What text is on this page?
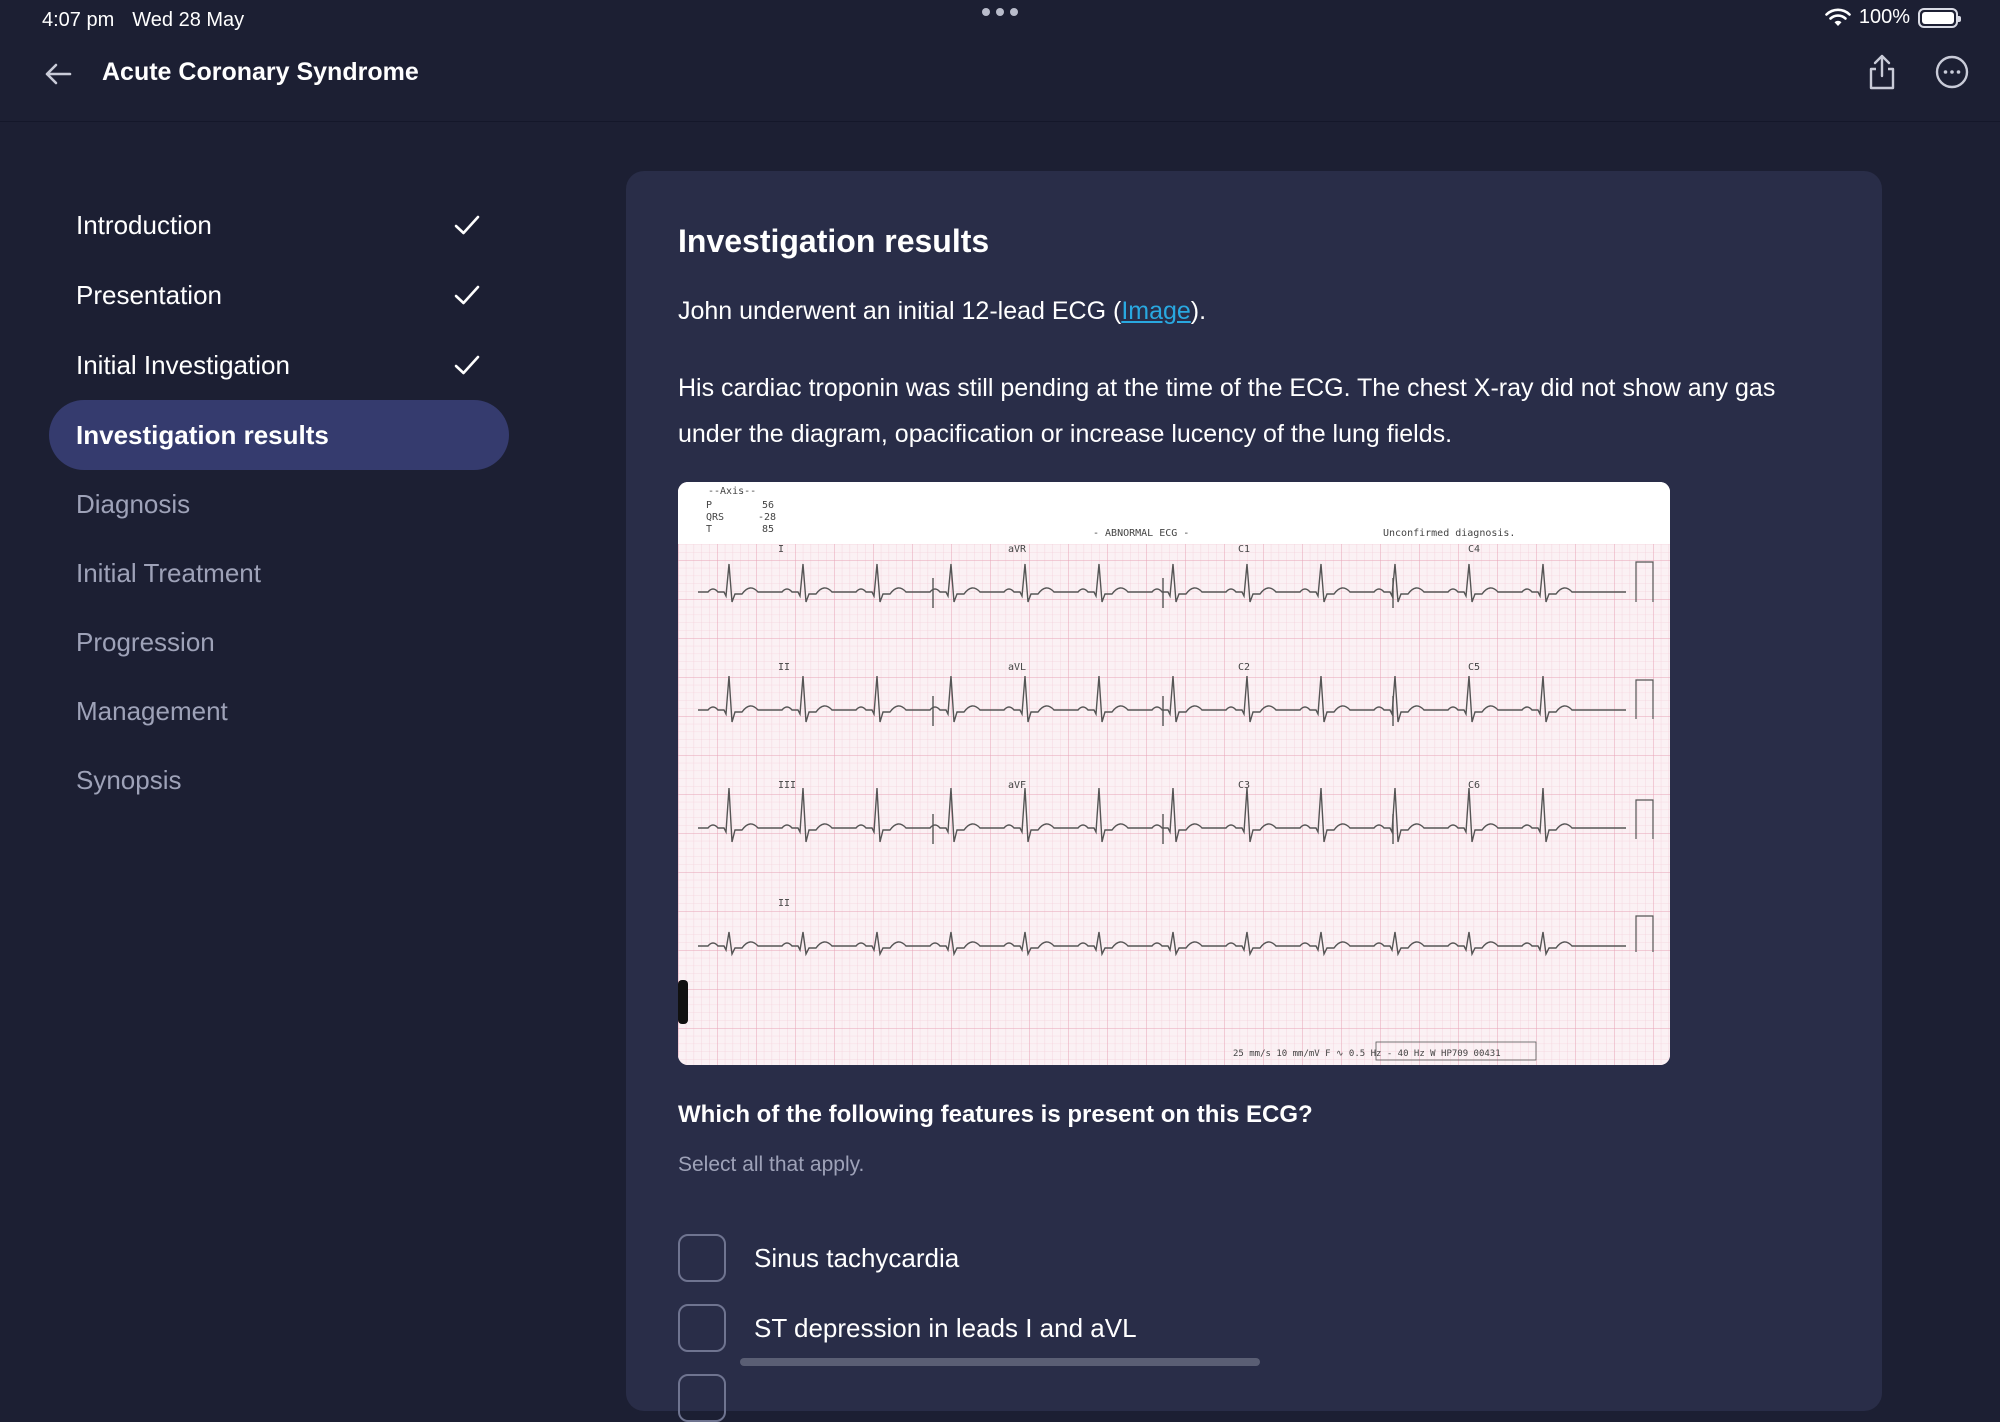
4:07 pm Wed 28 May	100%
Acute Coronary Syndrome
Introduction
Presentation
Initial Investigation
Investigation results
Diagnosis
Initial Treatment
Progression
Management
Synopsis
Investigation results
John underwent an initial 12-lead ECG (Image).
His cardiac troponin was still pending at the time of the ECG. The chest X-ray did not show any gas under the diagram, opacification or increase lucency of the lung fields.
--Axis--
P	56
QRS	-28
T	85	- ABNORMAL ECG -	Unconfirmed diagnosis.
I	aVR	C1	C4
II	aVL	C2	C5
III	aVF	C3	C6
II
25 mm/s 10 mm/mV F ∿ 0.5 Hz - 40 Hz W HP709 00431
Which of the following features is present on this ECG?
Select all that apply.
Sinus tachycardia
ST depression in leads I and aVL
